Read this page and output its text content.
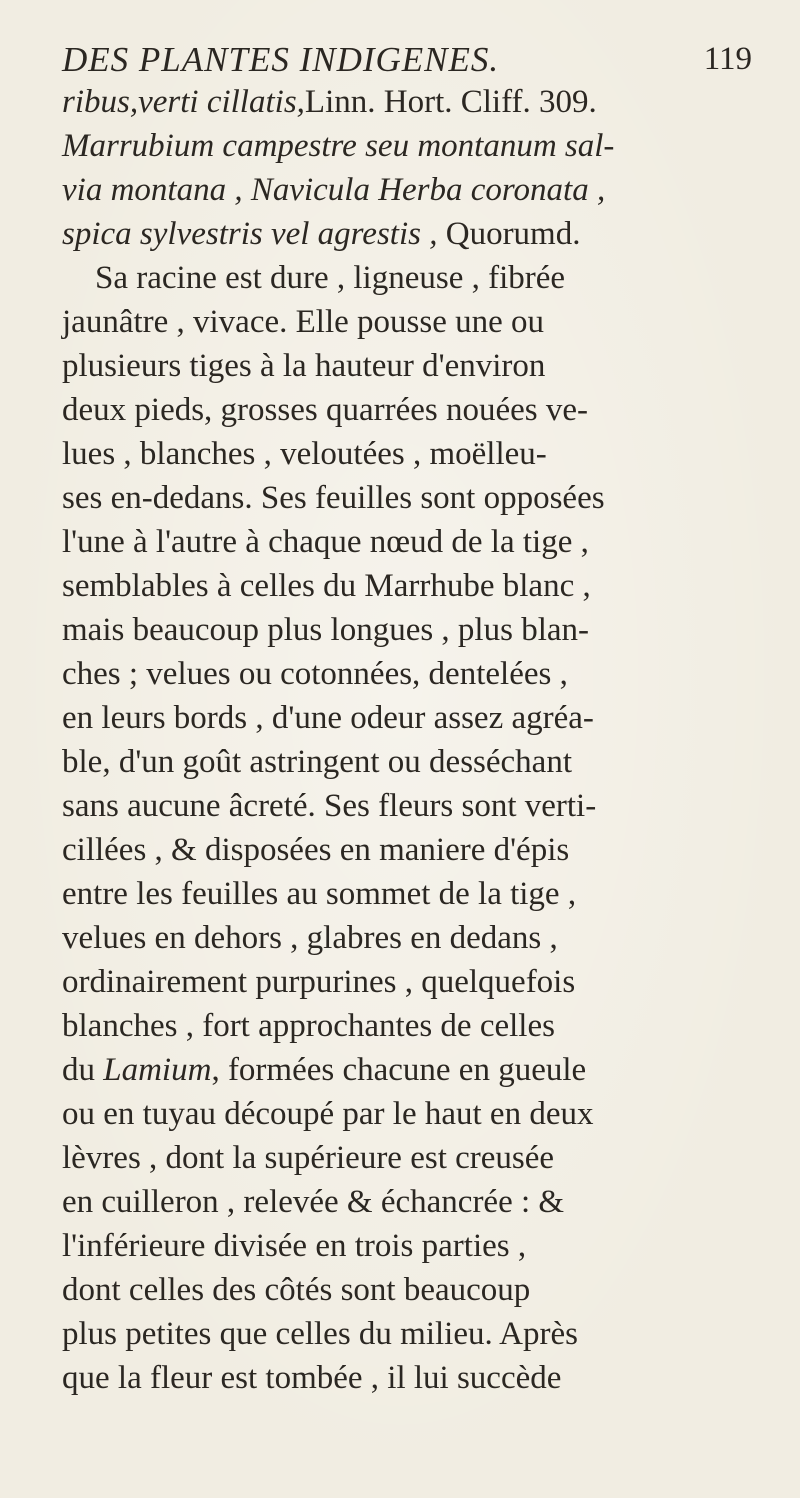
DES PLANTES INDIGENES.	119
ribus,verti cillatis,Linn. Hort. Cliff. 309.
Marrubium campestre seu montanum sal-
via montana , Navicula Herba coronata ,
spica sylvestris vel agrestis , Quorumd.
Sa racine est dure , ligneuse , fibrée
jaunâtre , vivace. Elle pousse une ou
plusieurs tiges à la hauteur d'environ
deux pieds, grosses quarrées nouées ve-
lues , blanches , veloutées , moëlleu-
ses en-dedans. Ses feuilles sont opposées
l'une à l'autre à chaque nœud de la tige ,
semblables à celles du Marrhube blanc ,
mais beaucoup plus longues , plus blan-
ches ; velues ou cotonnées, dentelées ,
en leurs bords , d'une odeur assez agréa-
ble, d'un goût astringent ou desséchant
sans aucune âcreté. Ses fleurs sont verti-
cillées , & disposées en maniere d'épis
entre les feuilles au sommet de la tige ,
velues en dehors , glabres en dedans ,
ordinairement purpurines , quelquefois
blanches , fort approchantes de celles
du Lamium, formées chacune en gueule
ou en tuyau découpé par le haut en deux
lèvres , dont la supérieure est creusée
en cuilleron , relevée & échancrée : &
l'inférieure divisée en trois parties ,
dont celles des côtés sont beaucoup
plus petites que celles du milieu. Après
que la fleur est tombée , il lui succède
